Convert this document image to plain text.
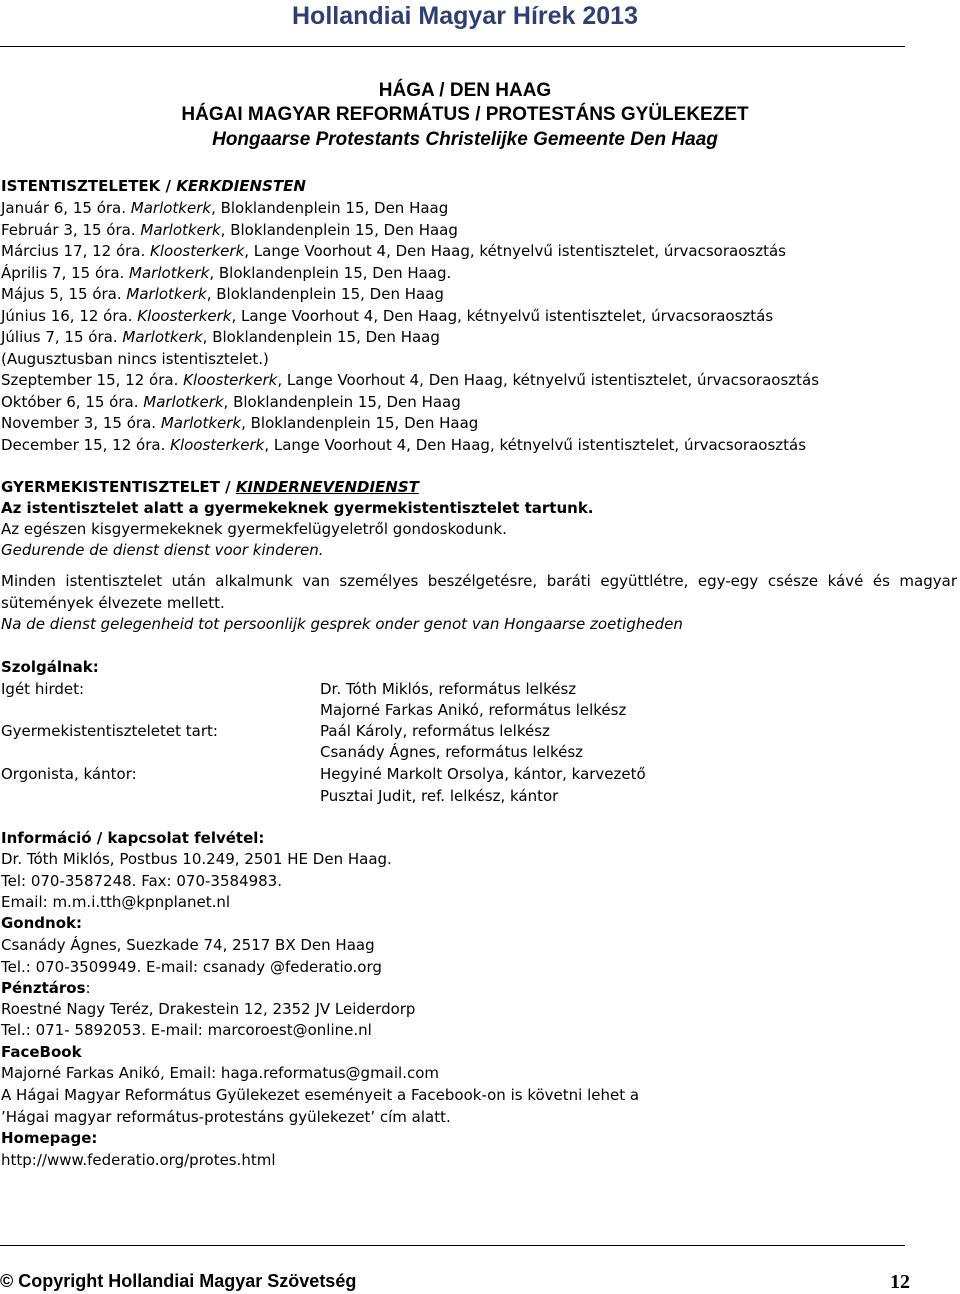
Hollandiai Magyar Hírek 2013
HÁGA / DEN HAAG
HÁGAI MAGYAR REFORMÁTUS / PROTESTÁNS GYÜLEKEZET
Hongaarse Protestants Christelijke Gemeente Den Haag
ISTENTISZTELETEK / KERKDIENSTEN
Január 6, 15 óra. Marlotkerk, Bloklandenplein 15, Den Haag
Február 3, 15 óra. Marlotkerk, Bloklandenplein 15, Den Haag
Március 17, 12 óra. Kloosterkerk, Lange Voorhout 4, Den Haag, kétnyelvű istentisztelet, úrvacsoraosztás
Április 7, 15 óra. Marlotkerk, Bloklandenplein 15, Den Haag.
Május 5, 15 óra. Marlotkerk, Bloklandenplein 15, Den Haag
Június 16, 12 óra. Kloosterkerk, Lange Voorhout 4, Den Haag, kétnyelvű istentisztelet, úrvacsoraosztás
Július 7, 15 óra. Marlotkerk, Bloklandenplein 15, Den Haag
(Augusztusban nincs istentisztelet.)
Szeptember 15, 12 óra. Kloosterkerk, Lange Voorhout 4, Den Haag, kétnyelvű istentisztelet, úrvacsoraosztás
Október 6, 15 óra. Marlotkerk, Bloklandenplein 15, Den Haag
November 3, 15 óra. Marlotkerk, Bloklandenplein 15, Den Haag
December 15, 12 óra. Kloosterkerk, Lange Voorhout 4, Den Haag, kétnyelvű istentisztelet, úrvacsoraosztás
GYERMEKISTENTISZTELET / KINDERNEVENDIENST
Az istentisztelet alatt a gyermekeknek gyermekistentisztelet tartunk.
Az egészen kisgyermekeknek gyermekfelügyeletről gondoskodunk.
Gedurende de dienst dienst voor kinderen.
Minden istentisztelet után alkalmunk van személyes beszélgetésre, baráti együttlétre, egy-egy csésze kávé és magyar
sütemények élvezete mellett.
Na de dienst gelegenheid tot persoonlijk gesprek onder genot van Hongaarse zoetigheden
Szolgálnak:
Igét hirdet:
Gyermekistentiszteletet tart:
Orgonista, kántor:
Dr. Tóth Miklós, református lelkész
Majorné Farkas Anikó, református lelkész
Paál Károly, református lelkész
Csanády Ágnes, református lelkész
Hegyiné Markolt Orsolya, kántor, karvezető
Pusztai Judit, ref. lelkész, kántor
Információ / kapcsolat felvétel:
Dr. Tóth Miklós, Postbus 10.249, 2501 HE Den Haag.
Tel: 070-3587248. Fax: 070-3584983.
Email: m.m.i.tth@kpnplanet.nl
Gondnok:
Csanády Ágnes, Suezkade 74, 2517 BX Den Haag
Tel.: 070-3509949. E-mail: csanady @federatio.org
Pénztáros:
Roestné Nagy Teréz, Drakestein 12, 2352 JV Leiderdorp
Tel.: 071- 5892053. E-mail: marcoroest@online.nl
FaceBook
Majorné Farkas Anikó, Email: haga.reformatus@gmail.com
A Hágai Magyar Református Gyülekezet eseményeit a Facebook-on is követni lehet a
’Hágai magyar református-protestáns gyülekezet’ cím alatt.
Homepage:
http://www.federatio.org/protes.html
© Copyright Hollandiai Magyar Szövetség	12
